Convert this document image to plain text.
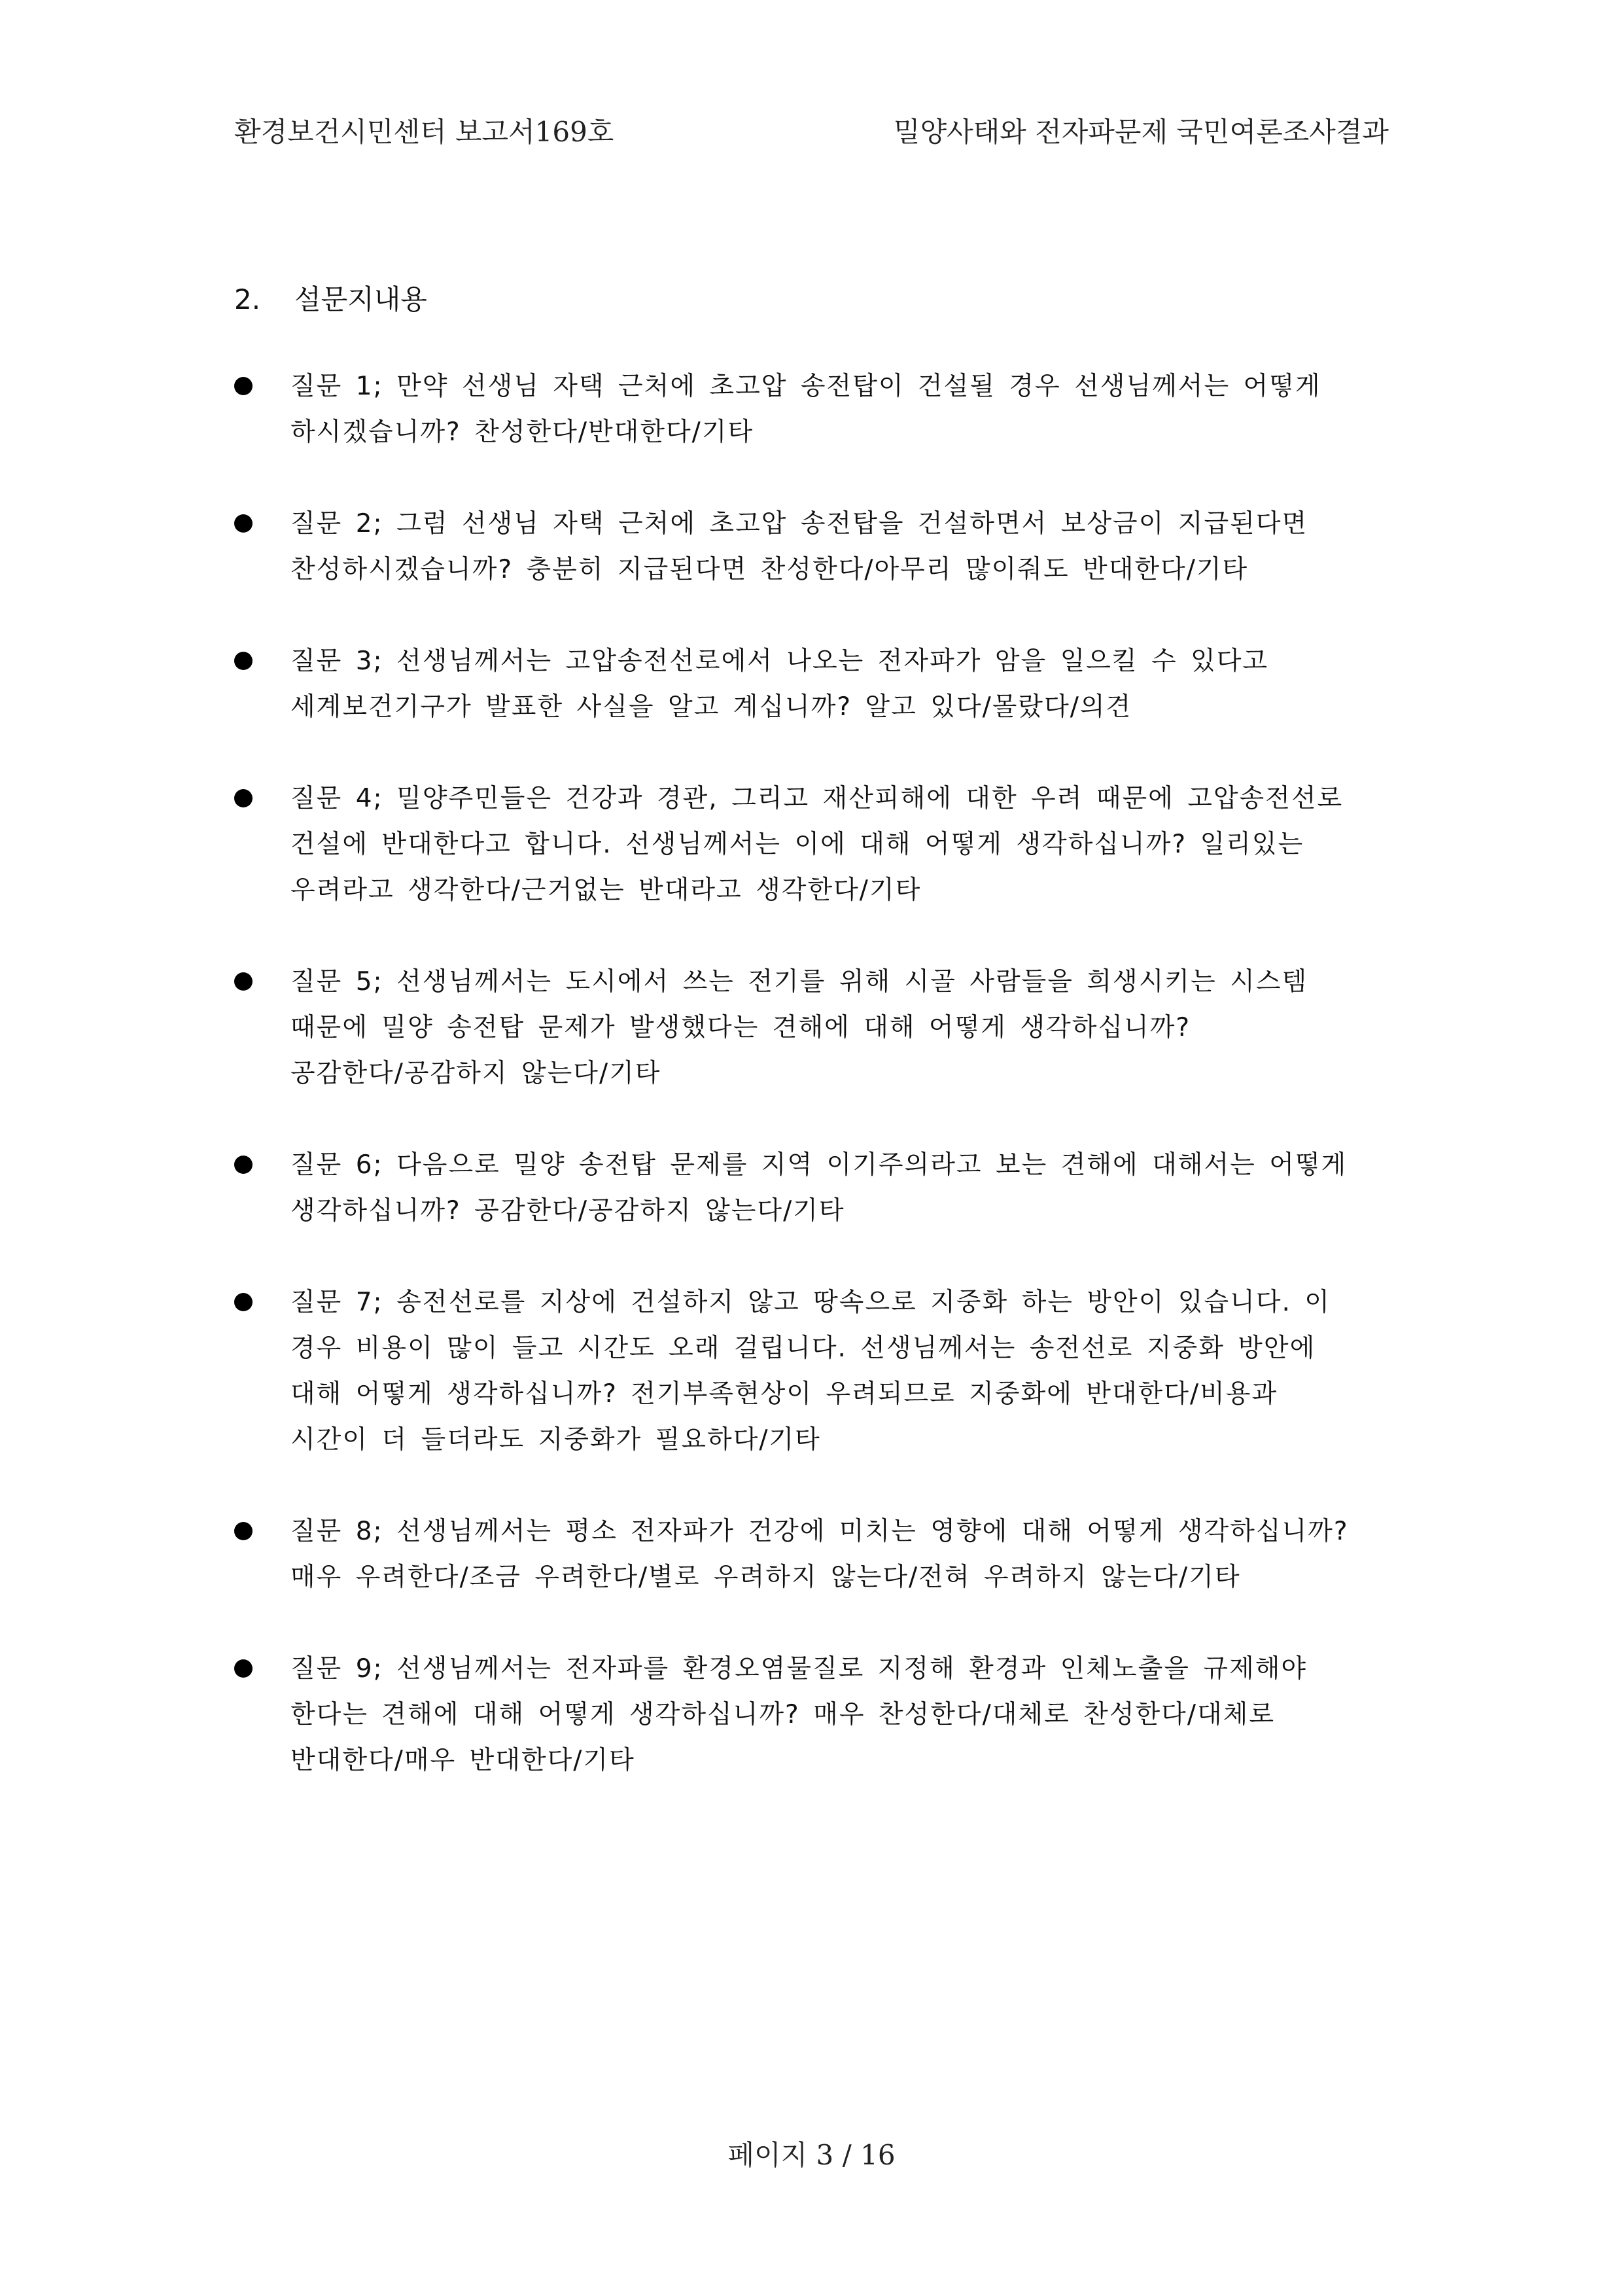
환경보건시민센터 보고서169호	밀양사태와 전자파문제 국민여론조사결과
2. 설문지내용
질문 1; 만약 선생님 자택 근처에 초고압 송전탑이 건설될 경우 선생님께서는 어떻게
하시겠습니까? 찬성한다/반대한다/기타
질문 2; 그럼 선생님 자택 근처에 초고압 송전탑을 건설하면서 보상금이 지급된다면
찬성하시겠습니까? 충분히 지급된다면 찬성한다/아무리 많이줘도 반대한다/기타
질문 3; 선생님께서는 고압송전선로에서 나오는 전자파가 암을 일으킬 수 있다고
세계보건기구가 발표한 사실을 알고 계십니까? 알고 있다/몰랐다/의견
질문 4; 밀양주민들은 건강과 경관, 그리고 재산피해에 대한 우려 때문에 고압송전선로
건설에 반대한다고 합니다. 선생님께서는 이에 대해 어떻게 생각하십니까? 일리있는
우려라고 생각한다/근거없는 반대라고 생각한다/기타
질문 5; 선생님께서는 도시에서 쓰는 전기를 위해 시골 사람들을 희생시키는 시스템
때문에 밀양 송전탑 문제가 발생했다는 견해에 대해 어떻게 생각하십니까?
공감한다/공감하지 않는다/기타
질문 6; 다음으로 밀양 송전탑 문제를 지역 이기주의라고 보는 견해에 대해서는 어떻게
생각하십니까? 공감한다/공감하지 않는다/기타
질문 7; 송전선로를 지상에 건설하지 않고 땅속으로 지중화 하는 방안이 있습니다. 이
경우 비용이 많이 들고 시간도 오래 걸립니다. 선생님께서는 송전선로 지중화 방안에
대해 어떻게 생각하십니까? 전기부족현상이 우려되므로 지중화에 반대한다/비용과
시간이 더 들더라도 지중화가 필요하다/기타
질문 8; 선생님께서는 평소 전자파가 건강에 미치는 영향에 대해 어떻게 생각하십니까?
매우 우려한다/조금 우려한다/별로 우려하지 않는다/전혀 우려하지 않는다/기타
질문 9; 선생님께서는 전자파를 환경오염물질로 지정해 환경과 인체노출을 규제해야
한다는 견해에 대해 어떻게 생각하십니까? 매우 찬성한다/대체로 찬성한다/대체로
반대한다/매우 반대한다/기타
페이지 3 / 16
